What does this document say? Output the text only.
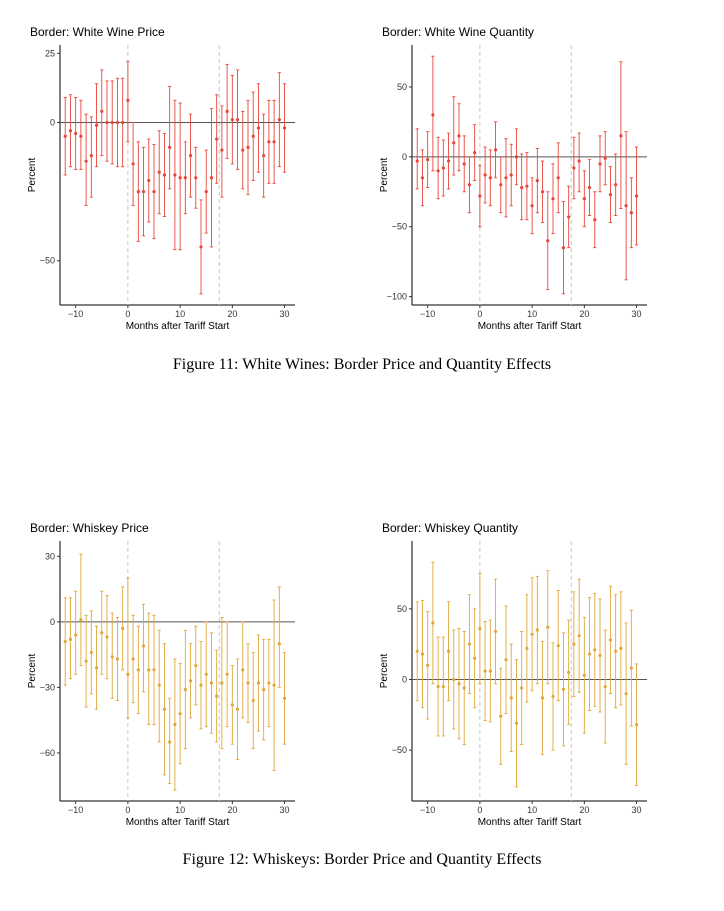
Border: White Wine Price
−50
0
25
−10	0	10	20	30
Months after Tariff Start
Percent
Border: White Wine Quantity
−100
−50
0
50
−10	0	10	20	30
Months after Tariff Start
Percent
Figure 11: White Wines: Border Price and Quantity Effects
Border: Whiskey Price
−60
−30
0
30
−10	0	10	20	30
Months after Tariff Start
Percent
Border: Whiskey Quantity
−50
0
50
−10	0	10	20	30
Months after Tariff Start
Percent
Figure 12: Whiskeys: Border Price and Quantity Effects
